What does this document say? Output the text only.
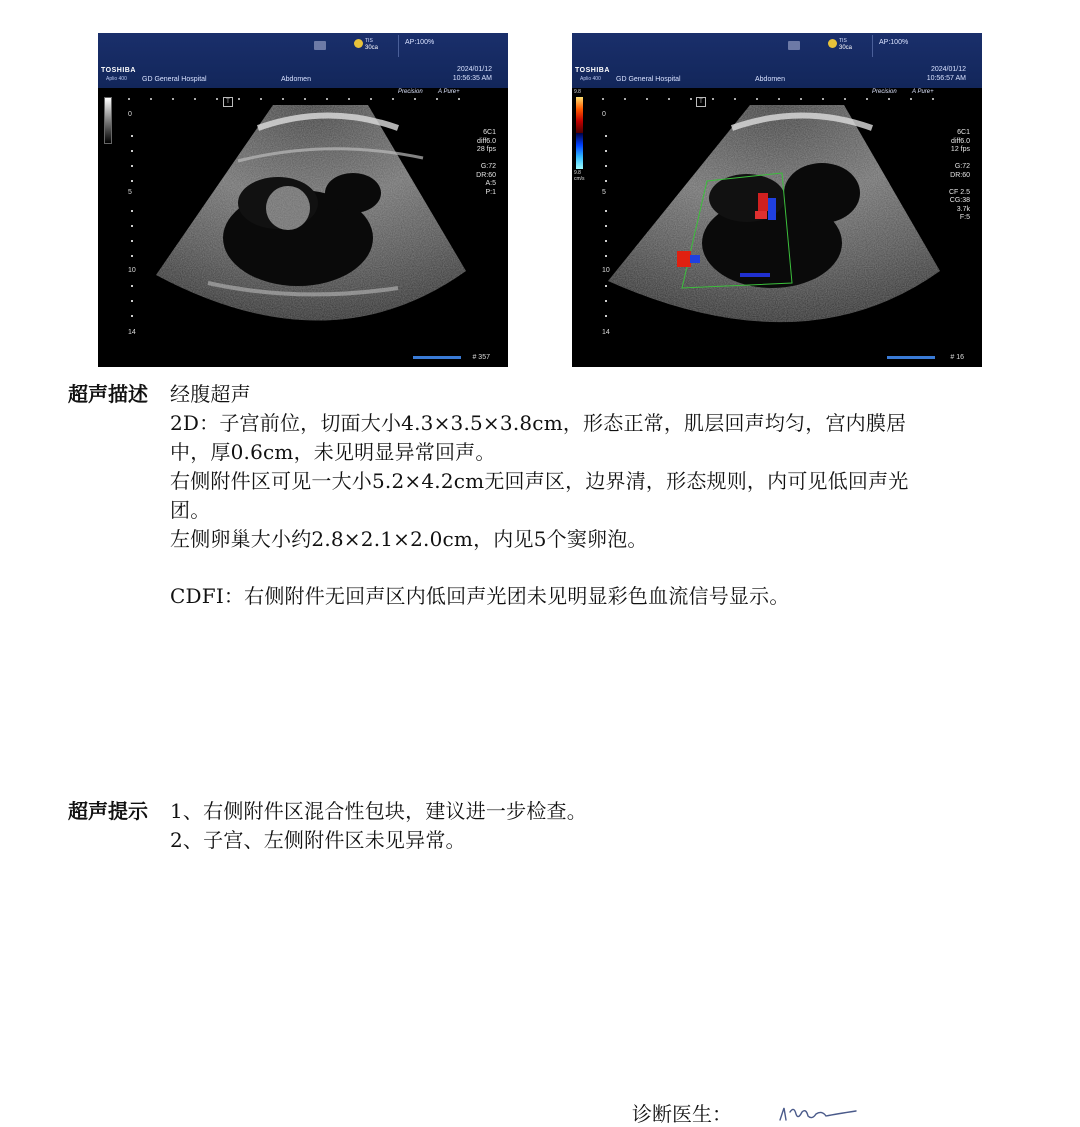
TOSHIBA
Aplio 400 GD General Hospital	Abdomen
2024/01/12
10:56:35 AM
AP:100%
TIS
30ca
Precision	A Pure+
T
0
5
10
14
6C1
diff6.0
28 fps

G:72
DR:60
A:5
P:1
# 357
TOSHIBA
Aplio 400 GD General Hospital	Abdomen
2024/01/12
10:56:57 AM
AP:100%
TIS
30ca
Precision	A Pure+
9.8
9.8
cm/s
T
0
5
10
14
6C1
diff6.0
12 fps

G:72
DR:60

CF 2.5
CG:38
3.7k
F:5
# 16
超声描述 经腹超声
2D：子宫前位，切面大小4.3×3.5×3.8cm，形态正常，肌层回声均匀，宫内膜居
中，厚0.6cm，未见明显异常回声。
右侧附件区可见一大小5.2×4.2cm无回声区，边界清，形态规则，内可见低回声光
团。
左侧卵巢大小约2.8×2.1×2.0cm，内见5个窦卵泡。
CDFI：右侧附件无回声区内低回声光团未见明显彩色血流信号显示。
超声提示 1、右侧附件区混合性包块，建议进一步检查。
2、子宫、左侧附件区未见异常。
诊断医生：
